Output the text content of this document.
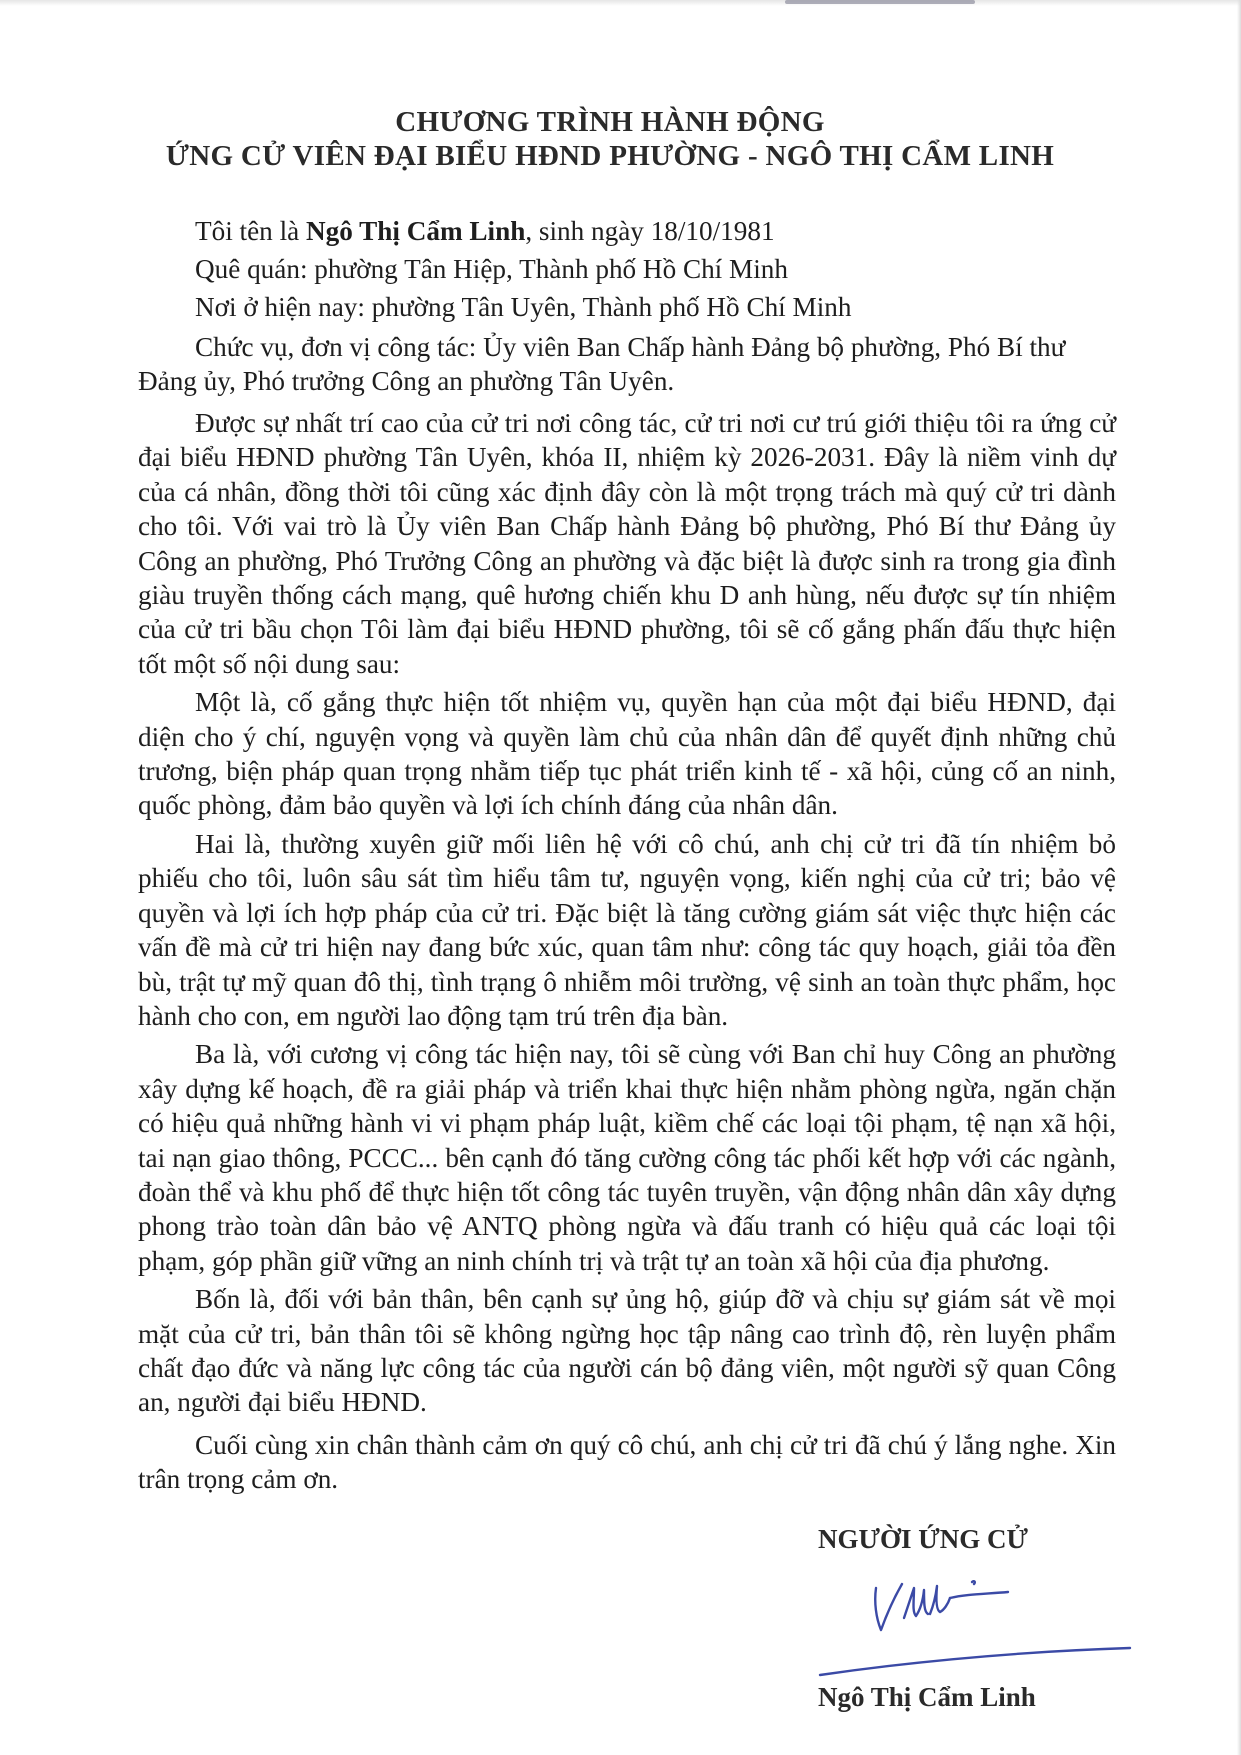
CHƯƠNG TRÌNH HÀNH ĐỘNG
ỨNG CỬ VIÊN ĐẠI BIỂU HĐND PHƯỜNG - NGÔ THỊ CẨM LINH

Tôi tên là Ngô Thị Cẩm Linh, sinh ngày 18/10/1981

Quê quán: phường Tân Hiệp, Thành phố Hồ Chí Minh

Nơi ở hiện nay: phường Tân Uyên, Thành phố Hồ Chí Minh

Chức vụ, đơn vị công tác: Ủy viên Ban Chấp hành Đảng bộ phường, Phó Bí thư Đảng ủy, Phó trưởng Công an phường Tân Uyên.

Được sự nhất trí cao của cử tri nơi công tác, cử tri nơi cư trú giới thiệu tôi ra ứng cử đại biểu HĐND phường Tân Uyên, khóa II, nhiệm kỳ 2026-2031. Đây là niềm vinh dự của cá nhân, đồng thời tôi cũng xác định đây còn là một trọng trách mà quý cử tri dành cho tôi. Với vai trò là Ủy viên Ban Chấp hành Đảng bộ phường, Phó Bí thư Đảng ủy Công an phường, Phó Trưởng Công an phường và đặc biệt là được sinh ra trong gia đình giàu truyền thống cách mạng, quê hương chiến khu D anh hùng, nếu được sự tín nhiệm của cử tri bầu chọn Tôi làm đại biểu HĐND phường, tôi sẽ cố gắng phấn đấu thực hiện tốt một số nội dung sau:

Một là, cố gắng thực hiện tốt nhiệm vụ, quyền hạn của một đại biểu HĐND, đại diện cho ý chí, nguyện vọng và quyền làm chủ của nhân dân để quyết định những chủ trương, biện pháp quan trọng nhằm tiếp tục phát triển kinh tế - xã hội, củng cố an ninh, quốc phòng, đảm bảo quyền và lợi ích chính đáng của nhân dân.

Hai là, thường xuyên giữ mối liên hệ với cô chú, anh chị cử tri đã tín nhiệm bỏ phiếu cho tôi, luôn sâu sát tìm hiểu tâm tư, nguyện vọng, kiến nghị của cử tri; bảo vệ quyền và lợi ích hợp pháp của cử tri. Đặc biệt là tăng cường giám sát việc thực hiện các vấn đề mà cử tri hiện nay đang bức xúc, quan tâm như: công tác quy hoạch, giải tỏa đền bù, trật tự mỹ quan đô thị, tình trạng ô nhiễm môi trường, vệ sinh an toàn thực phẩm, học hành cho con, em người lao động tạm trú trên địa bàn.

Ba là, với cương vị công tác hiện nay, tôi sẽ cùng với Ban chỉ huy Công an phường xây dựng kế hoạch, đề ra giải pháp và triển khai thực hiện nhằm phòng ngừa, ngăn chặn có hiệu quả những hành vi vi phạm pháp luật, kiềm chế các loại tội phạm, tệ nạn xã hội, tai nạn giao thông, PCCC... bên cạnh đó tăng cường công tác phối kết hợp với các ngành, đoàn thể và khu phố để thực hiện tốt công tác tuyên truyền, vận động nhân dân xây dựng phong trào toàn dân bảo vệ ANTQ phòng ngừa và đấu tranh có hiệu quả các loại tội phạm, góp phần giữ vững an ninh chính trị và trật tự an toàn xã hội của địa phương.

Bốn là, đối với bản thân, bên cạnh sự ủng hộ, giúp đỡ và chịu sự giám sát về mọi mặt của cử tri, bản thân tôi sẽ không ngừng học tập nâng cao trình độ, rèn luyện phẩm chất đạo đức và năng lực công tác của người cán bộ đảng viên, một người sỹ quan Công an, người đại biểu HĐND.

Cuối cùng xin chân thành cảm ơn quý cô chú, anh chị cử tri đã chú ý lắng nghe. Xin trân trọng cảm ơn.

NGƯỜI ỨNG CỬ
Ngô Thị Cẩm Linh
